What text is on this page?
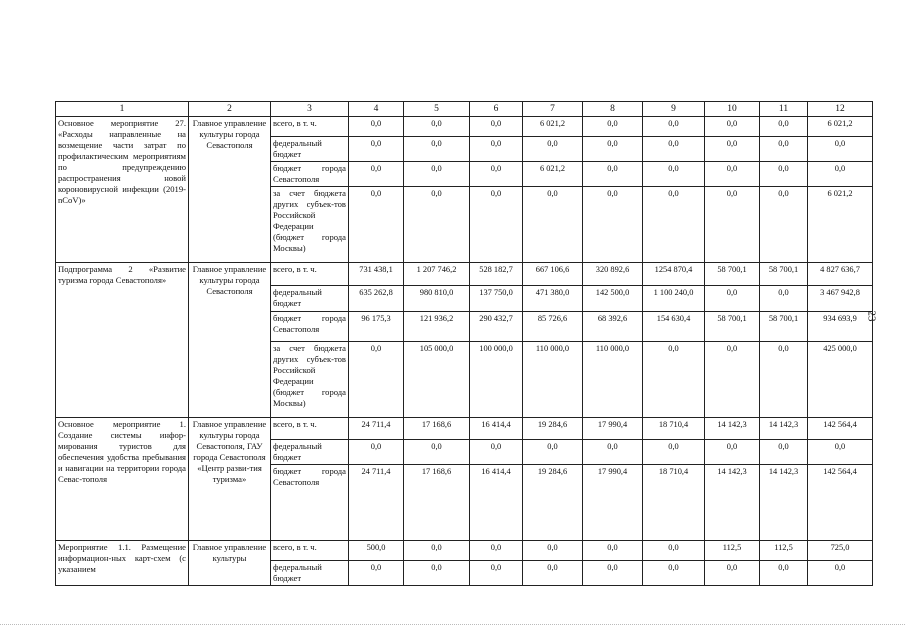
1	2	3	4	5	6	7	8	9	10	11	12
Основное мероприятие 27. «Расходы направленные на возмещение части затрат по профилактическим мероприятиям по предупреждению распространения новой короновирусной инфекции (2019-nCoV)»	Главное управление культуры города Севастополя	всего, в т. ч.	0,0	0,0	0,0	6 021,2	0,0	0,0	0,0	0,0	6 021,2
		федеральный бюджет	0,0	0,0	0,0	0,0	0,0	0,0	0,0	0,0	0,0
		бюджет города Севастополя	0,0	0,0	0,0	6 021,2	0,0	0,0	0,0	0,0	0,0
		за счет бюджета других субъек-тов Российской Федерации (бюджет города Москвы)	0,0	0,0	0,0	0,0	0,0	0,0	0,0	0,0	6 021,2
Подпрограмма 2 «Развитие туризма города Севастополя»	Главное управление культуры города Севастополя	всего, в т. ч.	731 438,1	1 207 746,2	528 182,7	667 106,6	320 892,6	1254 870,4	58 700,1	58 700,1	4 827 636,7
		федеральный бюджет	635 262,8	980 810,0	137 750,0	471 380,0	142 500,0	1 100 240,0	0,0	0,0	3 467 942,8
		бюджет города Севастополя	96 175,3	121 936,2	290 432,7	85 726,6	68 392,6	154 630,4	58 700,1	58 700,1	934 693,9
		за счет бюджета других субъек-тов Российской Федерации (бюджет города Москвы)	0,0	105 000,0	100 000,0	110 000,0	110 000,0	0,0	0,0	0,0	425 000,0
Основное мероприятие 1. Создание системы инфор-мирования туристов для обеспечения удобства пребывания и навигации на территории города Севас-тополя	Главное управление культуры города Севастополя, ГАУ города Севастополя «Центр разви-тия туризма»	всего, в т. ч.	24 711,4	17 168,6	16 414,4	19 284,6	17 990,4	18 710,4	14 142,3	14 142,3	142 564,4
		федеральный бюджет	0,0	0,0	0,0	0,0	0,0	0,0	0,0	0,0	0,0
		бюджет города Севастополя	24 711,4	17 168,6	16 414,4	19 284,6	17 990,4	18 710,4	14 142,3	14 142,3	142 564,4
Мероприятие 1.1. Размещение информацион-ных карт-схем (с указанием	Главное управление культуры	всего, в т. ч.	500,0	0,0	0,0	0,0	0,0	0,0	112,5	112,5	725,0
		федеральный бюджет	0,0	0,0	0,0	0,0	0,0	0,0	0,0	0,0	0,0
23
